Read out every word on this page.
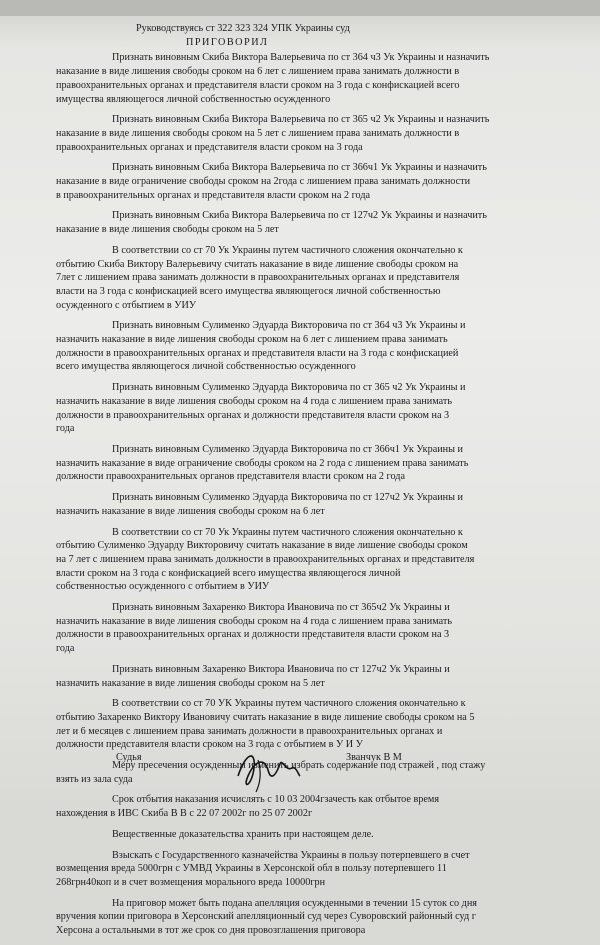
Руководствуясь ст 322 323 324 УПК Украины суд

ПРИГОВОРИЛ

Признать виновным Скиба Виктора Валерьевича по ст 364 ч3 Ук Украины и назначить
наказание в виде лишения свободы сроком на 6 лет с лишением права занимать должности в
правоохранительных органах и представителя власти сроком на 3 года с конфискацией всего
имущества являющегося личной собственностью осужденного
Признать виновным Скиба Виктора Валерьевича по ст 365 ч2 Ук Украины и назначить
наказание в виде лишения свободы сроком на 5 лет с лишением права занимать должности в
правоохранительных органах и представителя власти сроком на 3 года
Признать виновным Скиба Виктора Валерьевича по ст 366ч1 Ук Украины и назначить
наказание в виде ограничение свободы сроком на 2года с лишением права занимать должности
в правоохранительных органах и представителя власти сроком на 2 года
Признать виновным Скиба Виктора Валерьевича по ст 127ч2 Ук Украины и назначить
наказание в виде лишения свободы сроком на 5 лет
В соответствии со ст 70 Ук Украины путем частичного сложения окончательно к
отбытию Скиба Виктору Валерьевичу считать наказание в виде лишение свободы сроком на
7лет с лишением права занимать должности в правоохранительных органах и представителя
власти на 3 года с конфискацией всего имущества являющегося личной собственностью
осужденного с отбытием в УИУ
Признать виновным Сулименко Эдуарда Викторовича по ст 364 ч3 Ук Украины и
назначить наказание в виде лишения свободы сроком на 6 лет с лишением права занимать
должности в правоохранительных органах и представителя власти на 3 года с конфискацией
всего имущества являющегося личной собственностью осужденного
Признать виновным Сулименко Эдуарда Викторовича по ст 365 ч2 Ук Украины и
назначить наказание в виде лишения свободы сроком на 4 года с лишением права занимать
должности в правоохранительных органах и должности представителя власти сроком на 3
года
Признать виновным Сулименко Эдуарда Викторовича по ст 366ч1 Ук Украины и
назначить наказание в виде ограничение свободы сроком на 2 года с лишением права занимать
должности правоохранительных органов представителя власти сроком на 2 года
Признать виновным Сулименко Эдуарда Викторовича по ст 127ч2 Ук Украины и
назначить наказание в виде лишения свободы сроком на 6 лет
В соответствии со ст 70 Ук Украины путем частичного сложения окончательно к
отбытию Сулименко Эдуарду Викторовичу считать наказание в виде лишение свободы сроком
на 7 лет с лишением права занимать должности в правоохранительных органах и представителя
власти сроком на 3 года с конфискацией всего имущества являющегося личной
собственностью осужденного с отбытием в УИУ
Признать виновным Захаренко Виктора Ивановича по ст 365ч2 Ук Украины и
назначить наказание в виде лишения свободы сроком на 4 года с лишением права занимать
должности в правоохранительных органах и должности представителя власти сроком на 3
года
Признать виновным Захаренко Виктора Ивановича по ст 127ч2 Ук Украины и
назначить наказание в виде лишения свободы сроком на 5 лет
В соответствии со ст 70 УК Украины путем частичного сложения окончательно к
отбытию Захаренко Виктору Ивановичу считать наказание в виде лишение свободы сроком на 5
лет и 6 месяцев с лишением права занимать должности в правоохранительных органах и
должности представителя власти сроком на 3 года с отбытием в У И У
Меру пресечения осужденным изменить избрать содержание под стражей , под стажу
взять из зала суда
Срок отбытия наказания исчислять с 10 03 2004гзачесть как отбытое время
нахождения в ИВС Скиба В В с 22 07 2002г по 25 07 2002г
Вещественные доказательства хранить при настоящем деле.
Взыскать с Государственного казначейства Украины в пользу потерпевшего в счет
возмещения вреда 5000грн с УМВД Украины в Херсонской обл в пользу потерпевшего 11
268грн40коп и в счет возмещения морального вреда 10000грн
На приговор может быть подана апелляция осужденными в течении 15 суток со дня
вручения копии приговора в Херсонский апелляционный суд через Суворовский районный суд г
Херсона а остальными в тот же срок со дня провозглашения приговора
Судья	Званчук В М
